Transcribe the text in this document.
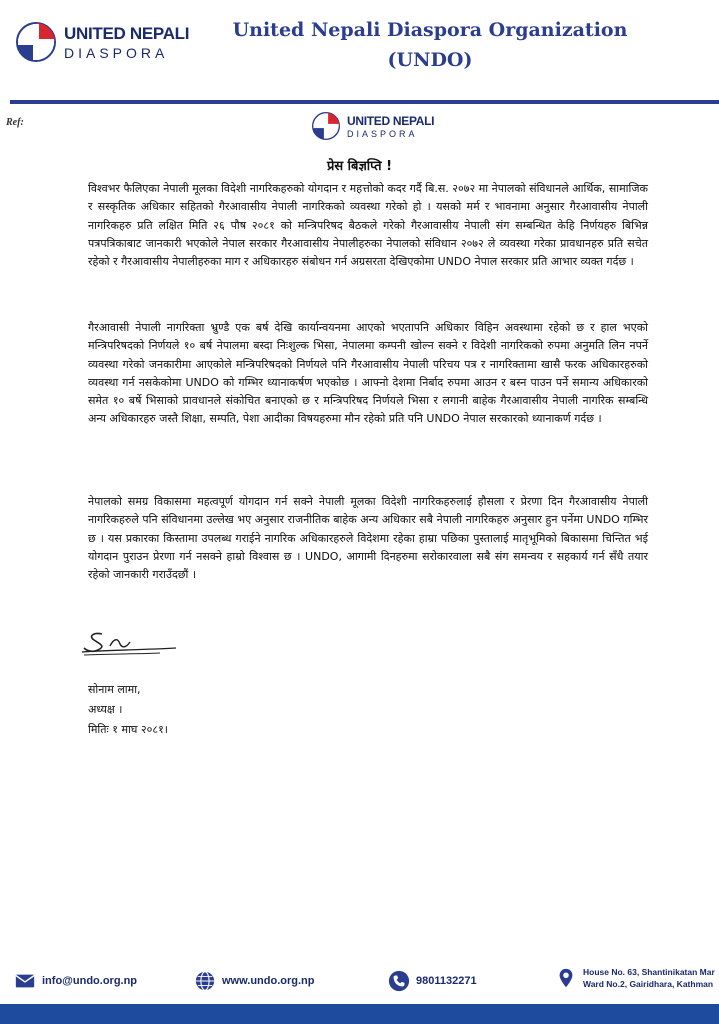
UNITED NEPALI
DIASPORA
United Nepali Diaspora Organization
(UNDO)
Ref:	UNITED NEPALI
DIASPORA
प्रेस बिज्ञप्ति !
विश्वभर फैलिएका नेपाली मूलका विदेशी नागरिकहरुको योगदान र महत्तोको कदर गर्दै बि.स. २०७२ मा नेपालको संविधानले आर्थिक, सामाजिक र सस्कृतिक अधिकार सहितको गैरआवासीय नेपाली नागरिकको व्यवस्था गरेको हो । यसको मर्म र भावनामा अनुसार गैरआवासीय नेपाली नागरिकहरु प्रति लक्षित मिति २६ पौष २०८१ को मन्त्रिपरिषद बैठकले गरेको गैरआवासीय नेपाली संग सम्बन्धित केहि निर्णयहरु बिभिन्न पत्रपत्रिकाबाट जानकारी भएकोले नेपाल सरकार गैरआवासीय नेपालीहरुका नेपालको संविधान २०७२ ले व्यवस्था गरेका प्रावधानहरु प्रति सचेत रहेको र गैरआवासीय नेपालीहरुका माग र अधिकारहरु संबोधन गर्न अग्रसरता देखिएकोमा UNDO नेपाल सरकार प्रति आभार व्यक्त गर्दछ ।
गैरआवासी नेपाली नागरिक्ता भ्रुण्डै एक बर्ष देखि कार्यान्वयनमा आएको भएतापनि अधिकार विहिन अवस्थामा रहेको छ र हाल भएको मन्त्रिपरिषदको निर्णयले १० बर्ष नेपालमा बस्दा निःशुल्क भिसा, नेपालमा कम्पनी खोल्न सक्ने र विदेशी नागरिकको रुपमा अनुमति लिन नपर्ने व्यवस्था गरेको जनकारीमा आएकोले मन्त्रिपरिषदको निर्णयले पनि गैरआवासीय नेपाली परिचय पत्र र नागरिक्तामा खासै फरक अधिकारहरुको व्यवस्था गर्न नसकेकोमा UNDO को गम्भिर ध्यानाकर्षण भएकोछ । आफ्नो देशमा निर्बाद रुपमा आउन र बस्न पाउन पर्ने समान्य अधिकारको समेत १० बर्षे भिसाको प्रावधानले संकोचित बनाएको छ र मन्त्रिपरिषद निर्णयले भिसा र लगानी बाहेक गैरआवासीय नेपाली नागरिक सम्बन्धि अन्य अधिकारहरु जस्तै शिक्षा, सम्पति, पेशा आदीका विषयहरुमा मौन रहेको प्रति पनि UNDO नेपाल सरकारको ध्यानाकर्ण गर्दछ ।
नेपालको समग्र विकासमा महत्वपूर्ण योगदान गर्न सक्ने नेपाली मूलका विदेशी नागरिकहरुलाई हौसला र प्रेरणा दिन गैरआवासीय नेपाली नागरिकहरुले पनि संविधानमा उल्लेख भए अनुसार राजनीतिक बाहेक अन्य अधिकार सबै नेपाली नागरिकहरु अनुसार हुन पर्नेमा UNDO गम्भिर छ । यस प्रकारका किस्तामा उपलब्ध गराईने नागरिक अधिकारहरुले विदेशमा रहेका हाम्रा पछिका पुस्तालाई मातृभूमिको बिकासमा चिन्तित भई योगदान पुराउन प्रेरणा गर्न नसक्ने हाम्रो विश्वास छ । UNDO, आगामी दिनहरुमा सरोकारवाला सबै संग समन्वय र सहकार्य गर्न सँधै तयार रहेको जानकारी गराउँदछौं ।
सोनाम लामा,
अध्यक्ष ।
मितिः १ माघ २०८१।
info@undo.org.np	www.undo.org.np	9801132271
House No. 63, Shantinikatan Mar
Ward No.2, Gairidhara, Kathman
